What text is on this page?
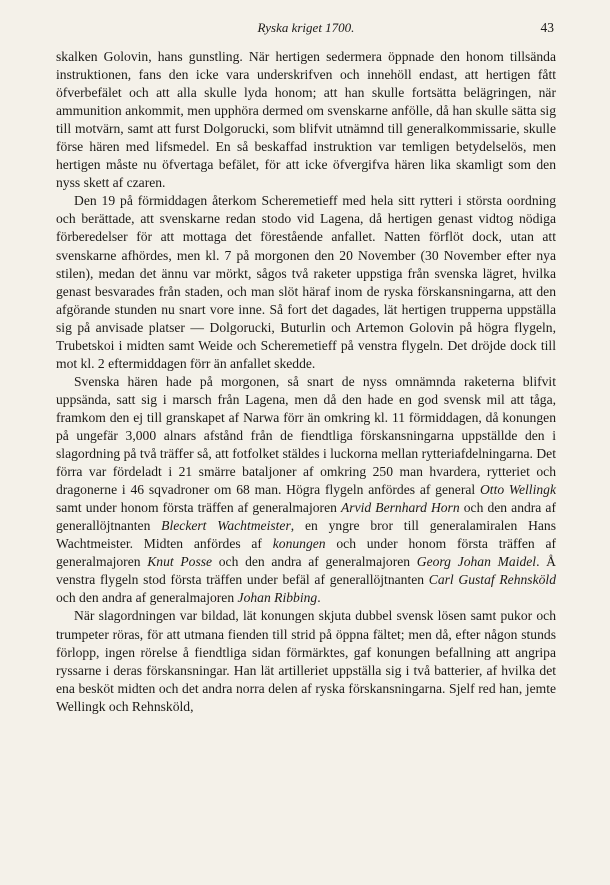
Ryska kriget 1700.	43

skalken Golovin, hans gunstling. När hertigen sedermera öppnade den honom tillsända instruktionen, fans den icke vara underskrifven och innehöll endast, att hertigen fått öfverbefälet och att alla skulle lyda honom; att han skulle fortsätta belägringen, när ammunition ankommit, men upphöra dermed om svenskarne anfölle, då han skulle sätta sig till motvärn, samt att furst Dolgorucki, som blifvit utnämnd till generalkommissarie, skulle förse hären med lifsmedel. En så beskaffad instruktion var temligen betydelselös, men hertigen måste nu öfvertaga befälet, för att icke öfvergifva hären lika skamligt som den nyss skett af czaren.

Den 19 på förmiddagen återkom Scheremetieff med hela sitt rytteri i största oordning och berättade, att svenskarne redan stodo vid Lagena, då hertigen genast vidtog nödiga förberedelser för att mottaga det förestående anfallet. Natten förflöt dock, utan att svenskarne afhördes, men kl. 7 på morgonen den 20 November (30 November efter nya stilen), medan det ännu var mörkt, sågos två raketer uppstiga från svenska lägret, hvilka genast besvarades från staden, och man slöt häraf inom de ryska förskansningarna, att den afgörande stunden nu snart vore inne. Så fort det dagades, lät hertigen trupperna uppställa sig på anvisade platser — Dolgorucki, Buturlin och Artemon Golovin på högra flygeln, Trubetskoi i midten samt Weide och Scheremetieff på venstra flygeln. Det dröjde dock till mot kl. 2 eftermiddagen förr än anfallet skedde.

Svenska hären hade på morgonen, så snart de nyss omnämnda raketerna blifvit uppsända, satt sig i marsch från Lagena, men då den hade en god svensk mil att tåga, framkom den ej till granskapet af Narwa förr än omkring kl. 11 förmiddagen, då konungen på ungefär 3,000 alnars afstånd från de fiendtliga förskansningarna uppställde den i slagordning på två träffer så, att fotfolket stäldes i luckorna mellan rytteriafdelningarna. Det förra var fördeladt i 21 smärre bataljoner af omkring 250 man hvardera, rytteriet och dragonerne i 46 sqvadroner om 68 man. Högra flygeln anfördes af general Otto Wellingk samt under honom första träffen af generalmajoren Arvid Bernhard Horn och den andra af generallöjtnanten Bleckert Wachtmeister, en yngre bror till generalamiralen Hans Wachtmeister. Midten anfördes af konungen och under honom första träffen af generalmajoren Knut Posse och den andra af generalmajoren Georg Johan Maidel. Å venstra flygeln stod första träffen under befäl af generallöjtnanten Carl Gustaf Rehnsköld och den andra af generalmajoren Johan Ribbing.

När slagordningen var bildad, lät konungen skjuta dubbel svensk lösen samt pukor och trumpeter röras, för att utmana fienden till strid på öppna fältet; men då, efter någon stunds förlopp, ingen rörelse å fiendtliga sidan förmärktes, gaf konungen befallning att angripa ryssarne i deras förskansningar. Han lät artilleriet uppställa sig i två batterier, af hvilka det ena besköt midten och det andra norra delen af ryska förskansningarna. Sjelf red han, jemte Wellingk och Rehnsköld,
